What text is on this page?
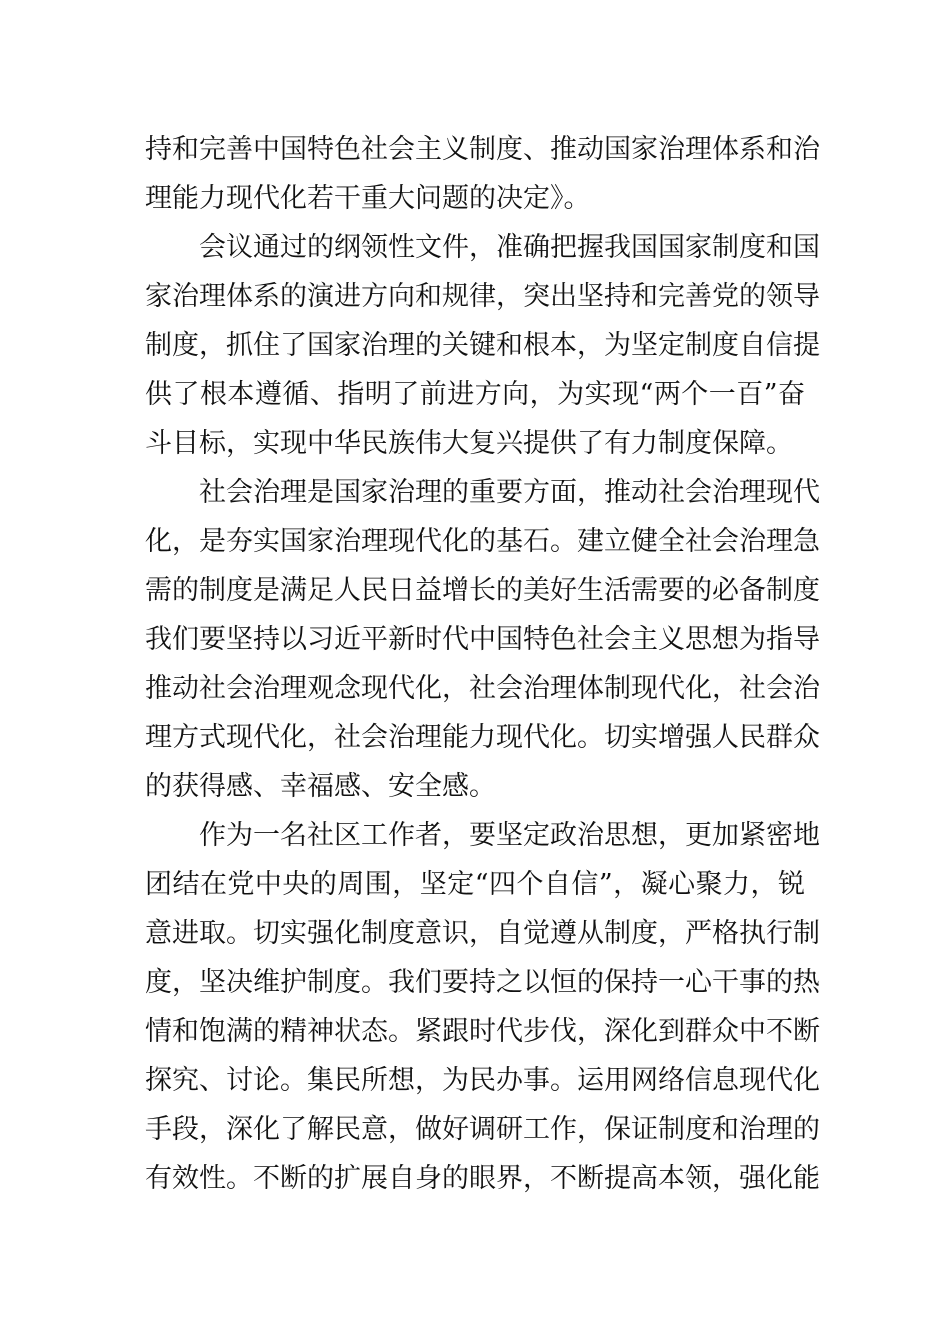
持和完善中国特色社会主义制度、推动国家治理体系和治
理能力现代化若干重大问题的决定》。
会议通过的纲领性文件，准确把握我国国家制度和国
家治理体系的演进方向和规律，突出坚持和完善党的领导
制度，抓住了国家治理的关键和根本，为坚定制度自信提
供了根本遵循、指明了前进方向，为实现“两个一百”奋
斗目标，实现中华民族伟大复兴提供了有力制度保障。
社会治理是国家治理的重要方面，推动社会治理现代
化，是夯实国家治理现代化的基石。建立健全社会治理急
需的制度是满足人民日益增长的美好生活需要的必备制度
我们要坚持以习近平新时代中国特色社会主义思想为指导
推动社会治理观念现代化，社会治理体制现代化，社会治
理方式现代化，社会治理能力现代化。切实增强人民群众
的获得感、幸福感、安全感。
作为一名社区工作者，要坚定政治思想，更加紧密地
团结在党中央的周围，坚定“四个自信”，凝心聚力，锐
意进取。切实强化制度意识，自觉遵从制度，严格执行制
度，坚决维护制度。我们要持之以恒的保持一心干事的热
情和饱满的精神状态。紧跟时代步伐，深化到群众中不断
探究、讨论。集民所想，为民办事。运用网络信息现代化
手段，深化了解民意，做好调研工作，保证制度和治理的
有效性。不断的扩展自身的眼界，不断提高本领，强化能
